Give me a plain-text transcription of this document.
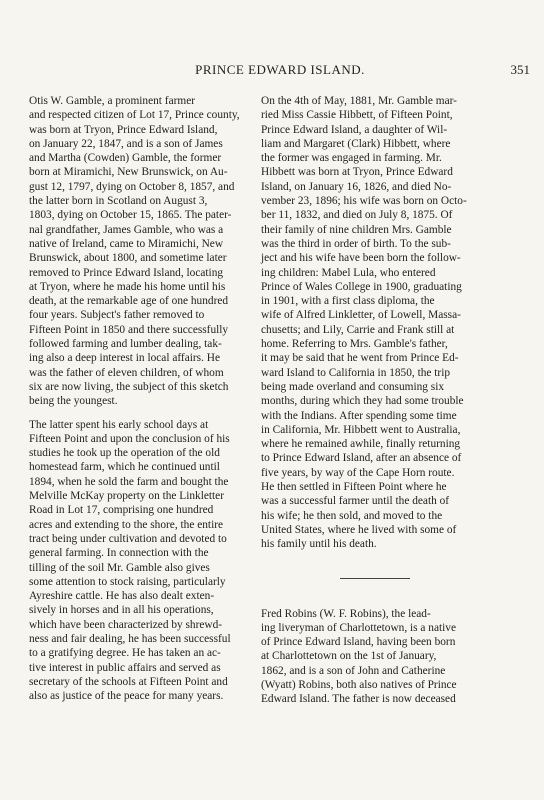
PRINCE EDWARD ISLAND.	351
Otis W. Gamble, a prominent farmer
and respected citizen of Lot 17, Prince county,
was born at Tryon, Prince Edward Island,
on January 22, 1847, and is a son of James
and Martha (Cowden) Gamble, the former
born at Miramichi, New Brunswick, on Au-
gust 12, 1797, dying on October 8, 1857, and
the latter born in Scotland on August 3,
1803, dying on October 15, 1865. The pater-
nal grandfather, James Gamble, who was a
native of Ireland, came to Miramichi, New
Brunswick, about 1800, and sometime later
removed to Prince Edward Island, locating
at Tryon, where he made his home until his
death, at the remarkable age of one hundred
four years. Subject's father removed to
Fifteen Point in 1850 and there successfully
followed farming and lumber dealing, tak-
ing also a deep interest in local affairs. He
was the father of eleven children, of whom
six are now living, the subject of this sketch
being the youngest.
The latter spent his early school days at
Fifteen Point and upon the conclusion of his
studies he took up the operation of the old
homestead farm, which he continued until
1894, when he sold the farm and bought the
Melville McKay property on the Linkletter
Road in Lot 17, comprising one hundred
acres and extending to the shore, the entire
tract being under cultivation and devoted to
general farming. In connection with the
tilling of the soil Mr. Gamble also gives
some attention to stock raising, particularly
Ayreshire cattle. He has also dealt exten-
sively in horses and in all his operations,
which have been characterized by shrewd-
ness and fair dealing, he has been successful
to a gratifying degree. He has taken an ac-
tive interest in public affairs and served as
secretary of the schools at Fifteen Point and
also as justice of the peace for many years.
On the 4th of May, 1881, Mr. Gamble mar-
ried Miss Cassie Hibbett, of Fifteen Point,
Prince Edward Island, a daughter of Wil-
liam and Margaret (Clark) Hibbett, where
the former was engaged in farming. Mr.
Hibbett was born at Tryon, Prince Edward
Island, on January 16, 1826, and died No-
vember 23, 1896; his wife was born on Octo-
ber 11, 1832, and died on July 8, 1875. Of
their family of nine children Mrs. Gamble
was the third in order of birth. To the sub-
ject and his wife have been born the follow-
ing children: Mabel Lula, who entered
Prince of Wales College in 1900, graduating
in 1901, with a first class diploma, the
wife of Alfred Linkletter, of Lowell, Massa-
chusetts; and Lily, Carrie and Frank still at
home. Referring to Mrs. Gamble's father,
it may be said that he went from Prince Ed-
ward Island to California in 1850, the trip
being made overland and consuming six
months, during which they had some trouble
with the Indians. After spending some time
in California, Mr. Hibbett went to Australia,
where he remained awhile, finally returning
to Prince Edward Island, after an absence of
five years, by way of the Cape Horn route.
He then settled in Fifteen Point where he
was a successful farmer until the death of
his wife; he then sold, and moved to the
United States, where he lived with some of
his family until his death.
Fred Robins (W. F. Robins), the lead-
ing liveryman of Charlottetown, is a native
of Prince Edward Island, having been born
at Charlottetown on the 1st of January,
1862, and is a son of John and Catherine
(Wyatt) Robins, both also natives of Prince
Edward Island. The father is now deceased
